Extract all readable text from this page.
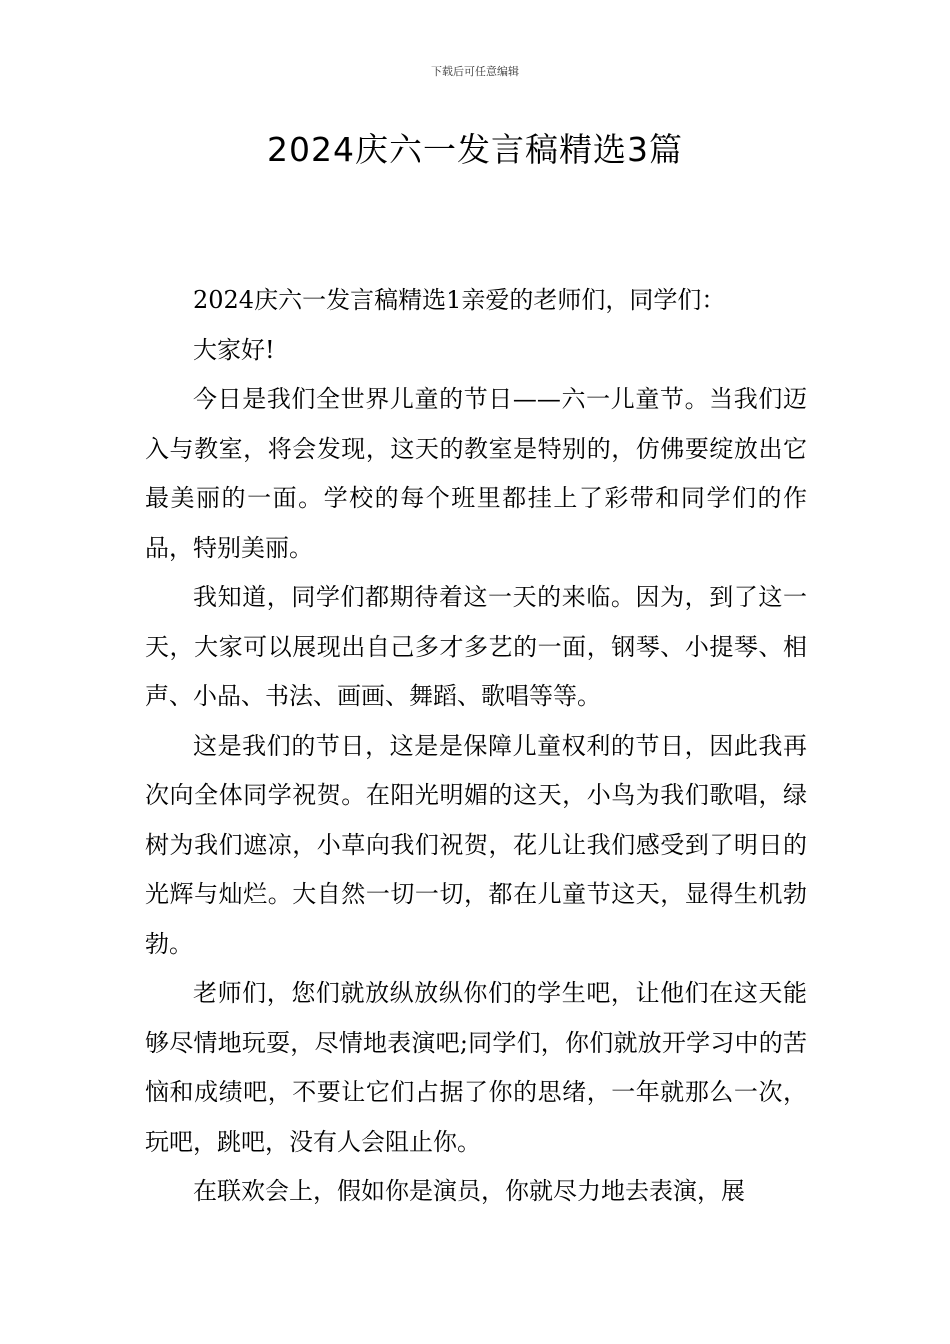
下载后可任意编辑
2024庆六一发言稿精选3篇

2024庆六一发言稿精选1亲爱的老师们，同学们：

大家好!

今日是我们全世界儿童的节日——六一儿童节。当我们迈入与教室，将会发现，这天的教室是特别的，仿佛要绽放出它最美丽的一面。学校的每个班里都挂上了彩带和同学们的作品，特别美丽。

我知道，同学们都期待着这一天的来临。因为，到了这一天，大家可以展现出自己多才多艺的一面，钢琴、小提琴、相声、小品、书法、画画、舞蹈、歌唱等等。

这是我们的节日，这是是保障儿童权利的节日，因此我再次向全体同学祝贺。在阳光明媚的这天，小鸟为我们歌唱，绿树为我们遮凉，小草向我们祝贺，花儿让我们感受到了明日的光辉与灿烂。大自然一切一切，都在儿童节这天，显得生机勃勃。

老师们，您们就放纵放纵你们的学生吧，让他们在这天能够尽情地玩耍，尽情地表演吧;同学们，你们就放开学习中的苦恼和成绩吧，不要让它们占据了你的思绪，一年就那么一次，玩吧，跳吧，没有人会阻止你。

在联欢会上，假如你是演员，你就尽力地去表演，展
